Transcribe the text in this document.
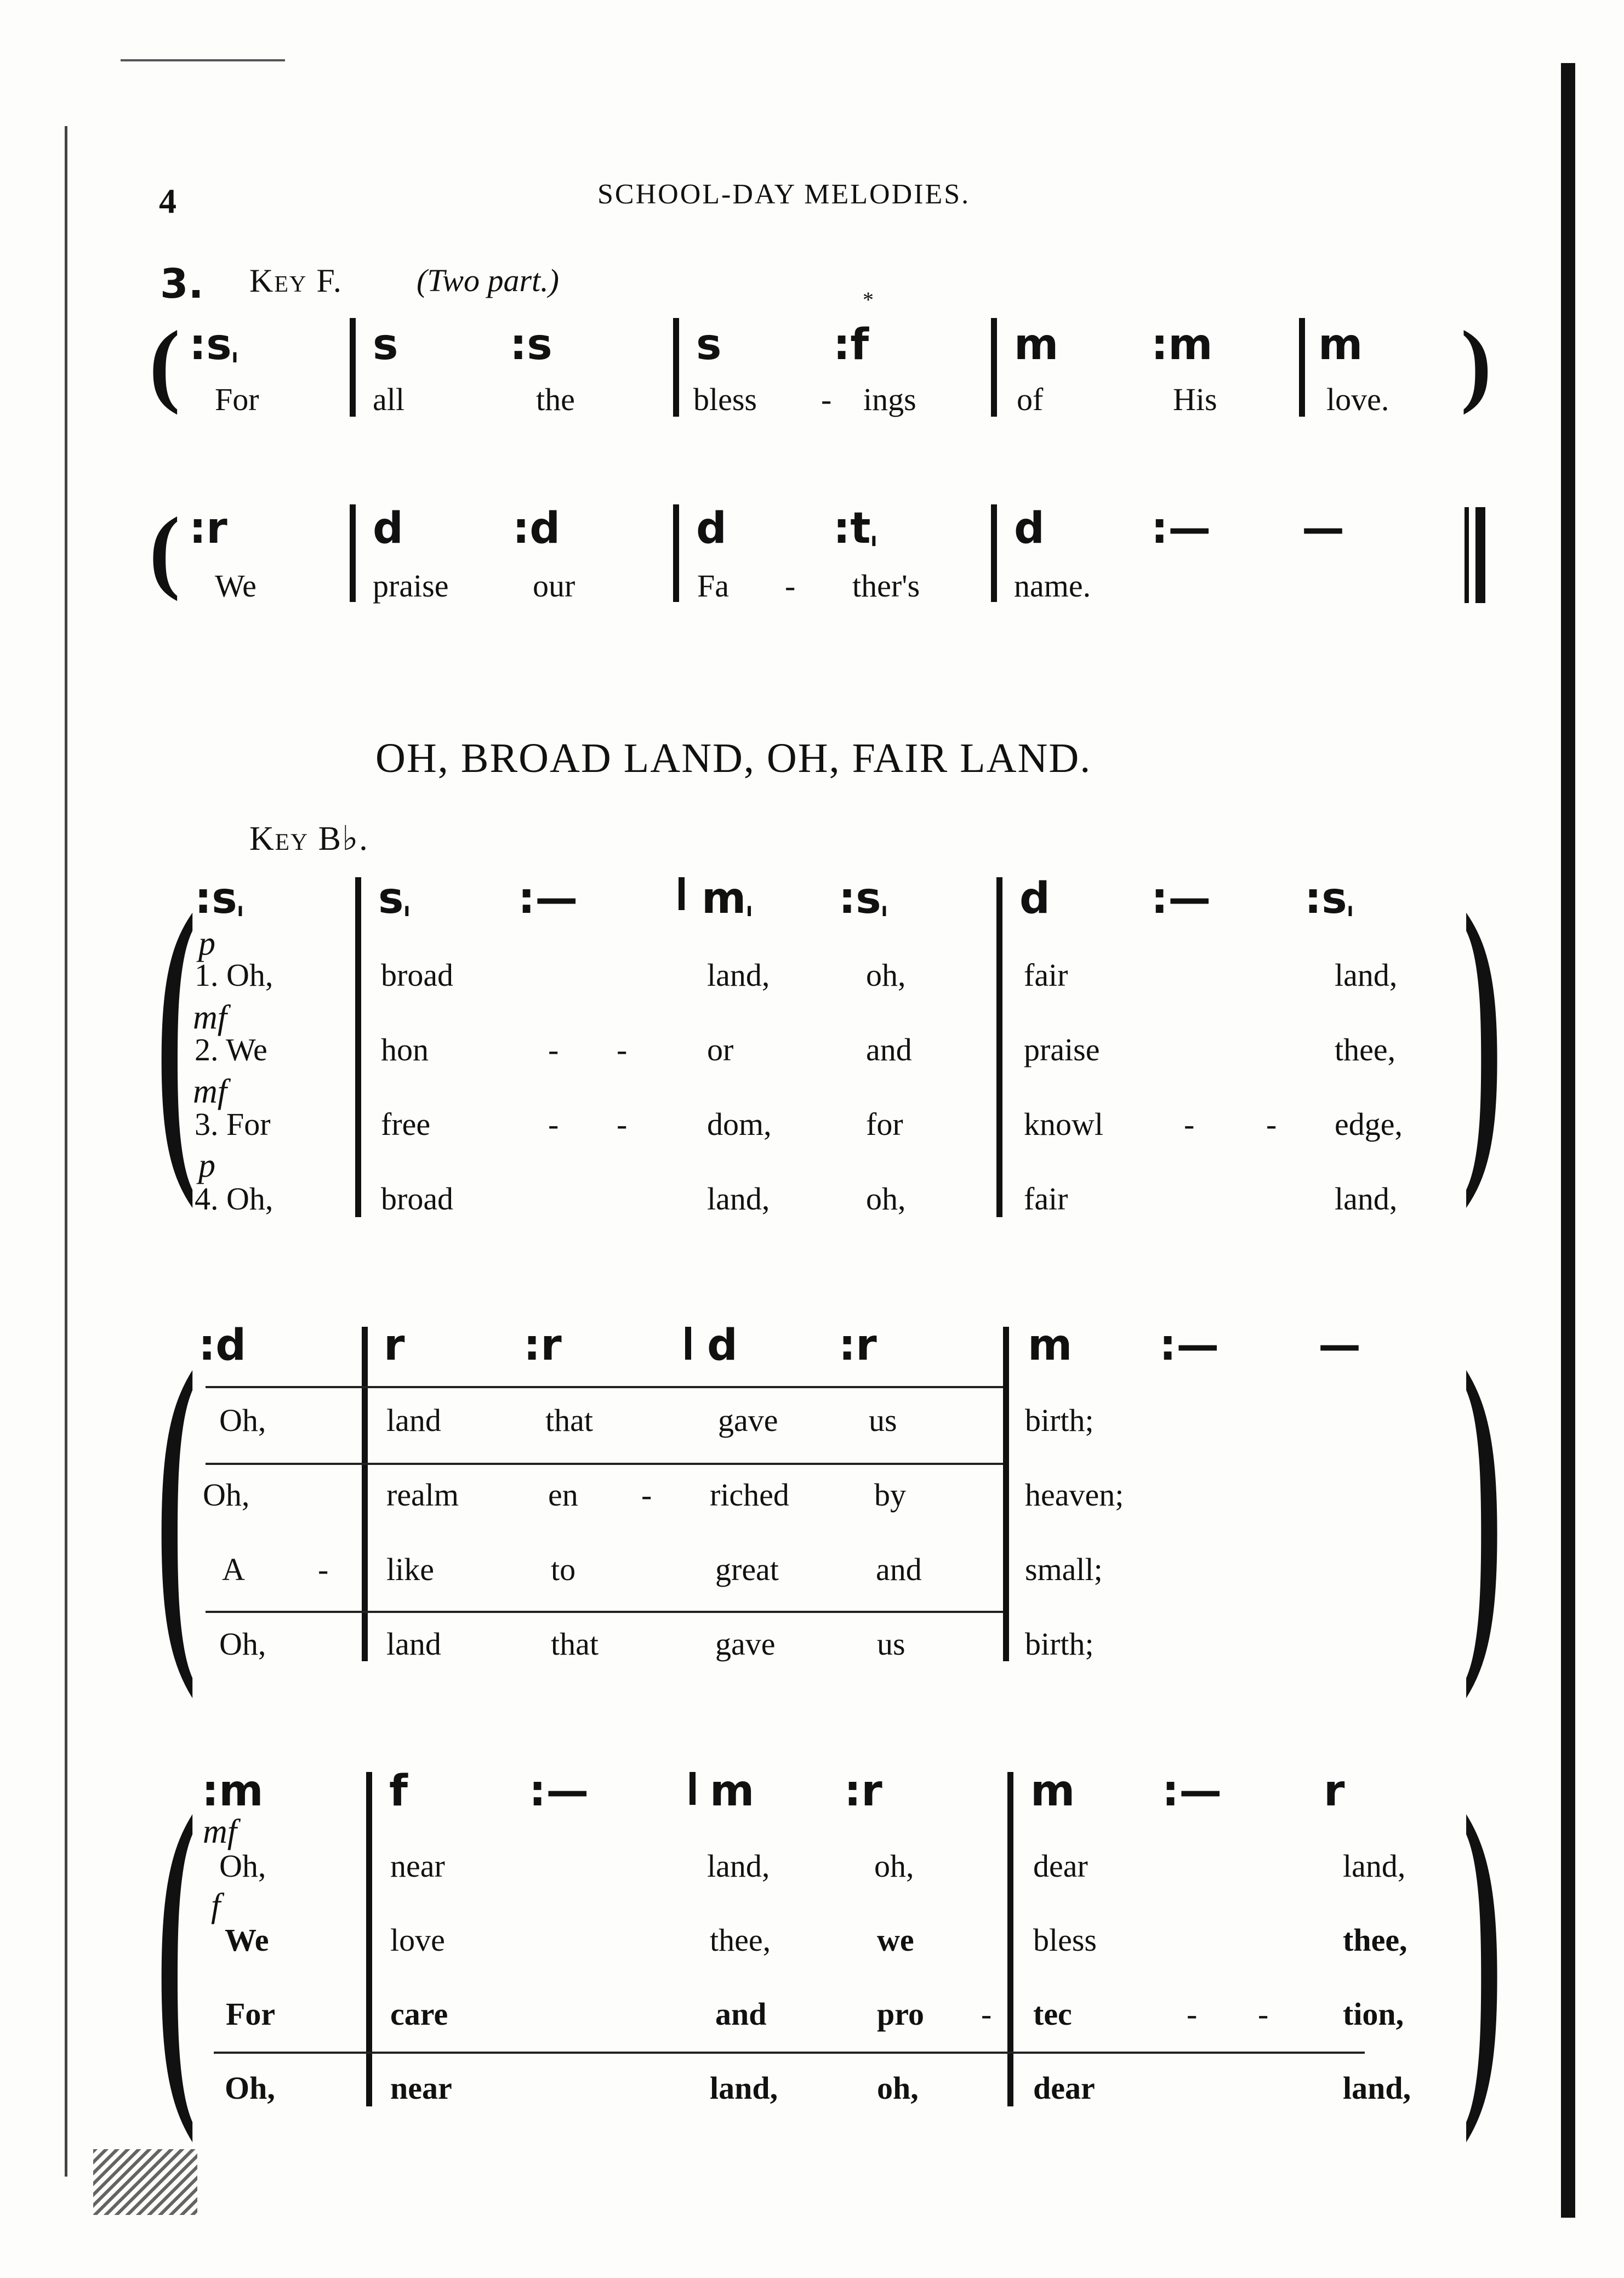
4	SCHOOL-DAY MELODIES.
3. Key F. (Two part.)
*
(	)
$:s_ı$	s	:s	s	:f	m :m m
For	all	the	bless - ings	of	His	love.
( :r	d	:d	d $:t_ı$	d :— —
We	praise	our	Fa - ther's	name.
OH, BROAD LAND, OH, FAIR LAND.
Key B♭.
(	)
$:s_ı$	$s_ı$	:—	$m_ı$ $:s_ı$	d :— $:s_ı$
p
mf
mf
p
1. Oh,	broad	land,	oh,	fair	land,
2. We	hon	- -	or	and	praise	thee,
3. For	free	- -	dom,	for	knowl	- - edge,
4. Oh,	broad	land,	oh,	fair	land,
(	)
:d	r	:r	d :r	m :— —
Oh,	land	that	gave	us	birth;
Oh,	realm	en - riched	by	heaven;
A - like	to	great	and	small;
Oh,	land	that	gave	us	birth;
(	)
:m	f	:—	m :r	m :— r
mf
f
Oh,	near	land,	oh,	dear	land,
We	love	thee,	we	bless	thee,
For	care	and	pro - tec	- - tion,
Oh,	near	land,	oh,	dear	land,
